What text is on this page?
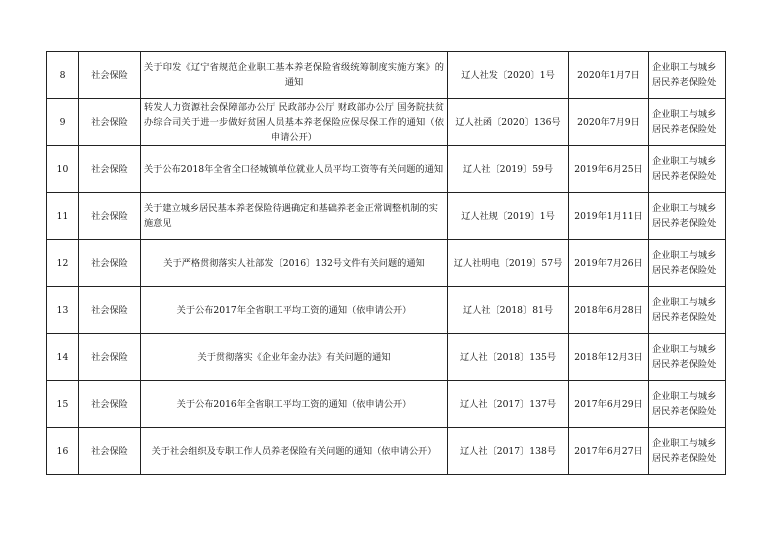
8	社会保险	关于印发《辽宁省规范企业职工基本养老保险省级统筹制度实施方案》的通知	辽人社发〔2020〕1号	2020年1月7日	企业职工与城乡居民养老保险处
9	社会保险	转发人力资源社会保障部办公厅 民政部办公厅 财政部办公厅 国务院扶贫办综合司关于进一步做好贫困人员基本养老保险应保尽保工作的通知（依申请公开）	辽人社函〔2020〕136号	2020年7月9日	企业职工与城乡居民养老保险处
10	社会保险	关于公布2018年全省全口径城镇单位就业人员平均工资等有关问题的通知	辽人社〔2019〕59号	2019年6月25日	企业职工与城乡居民养老保险处
11	社会保险	关于建立城乡居民基本养老保险待遇确定和基础养老金正常调整机制的实施意见	辽人社规〔2019〕1号	2019年1月11日	企业职工与城乡居民养老保险处
12	社会保险	关于严格贯彻落实人社部发〔2016〕132号文件有关问题的通知	辽人社明电〔2019〕57号	2019年7月26日	企业职工与城乡居民养老保险处
13	社会保险	关于公布2017年全省职工平均工资的通知（依申请公开）	辽人社〔2018〕81号	2018年6月28日	企业职工与城乡居民养老保险处
14	社会保险	关于贯彻落实《企业年金办法》有关问题的通知	辽人社〔2018〕135号	2018年12月3日	企业职工与城乡居民养老保险处
15	社会保险	关于公布2016年全省职工平均工资的通知（依申请公开）	辽人社〔2017〕137号	2017年6月29日	企业职工与城乡居民养老保险处
16	社会保险	关于社会组织及专职工作人员养老保险有关问题的通知（依申请公开）	辽人社〔2017〕138号	2017年6月27日	企业职工与城乡居民养老保险处
